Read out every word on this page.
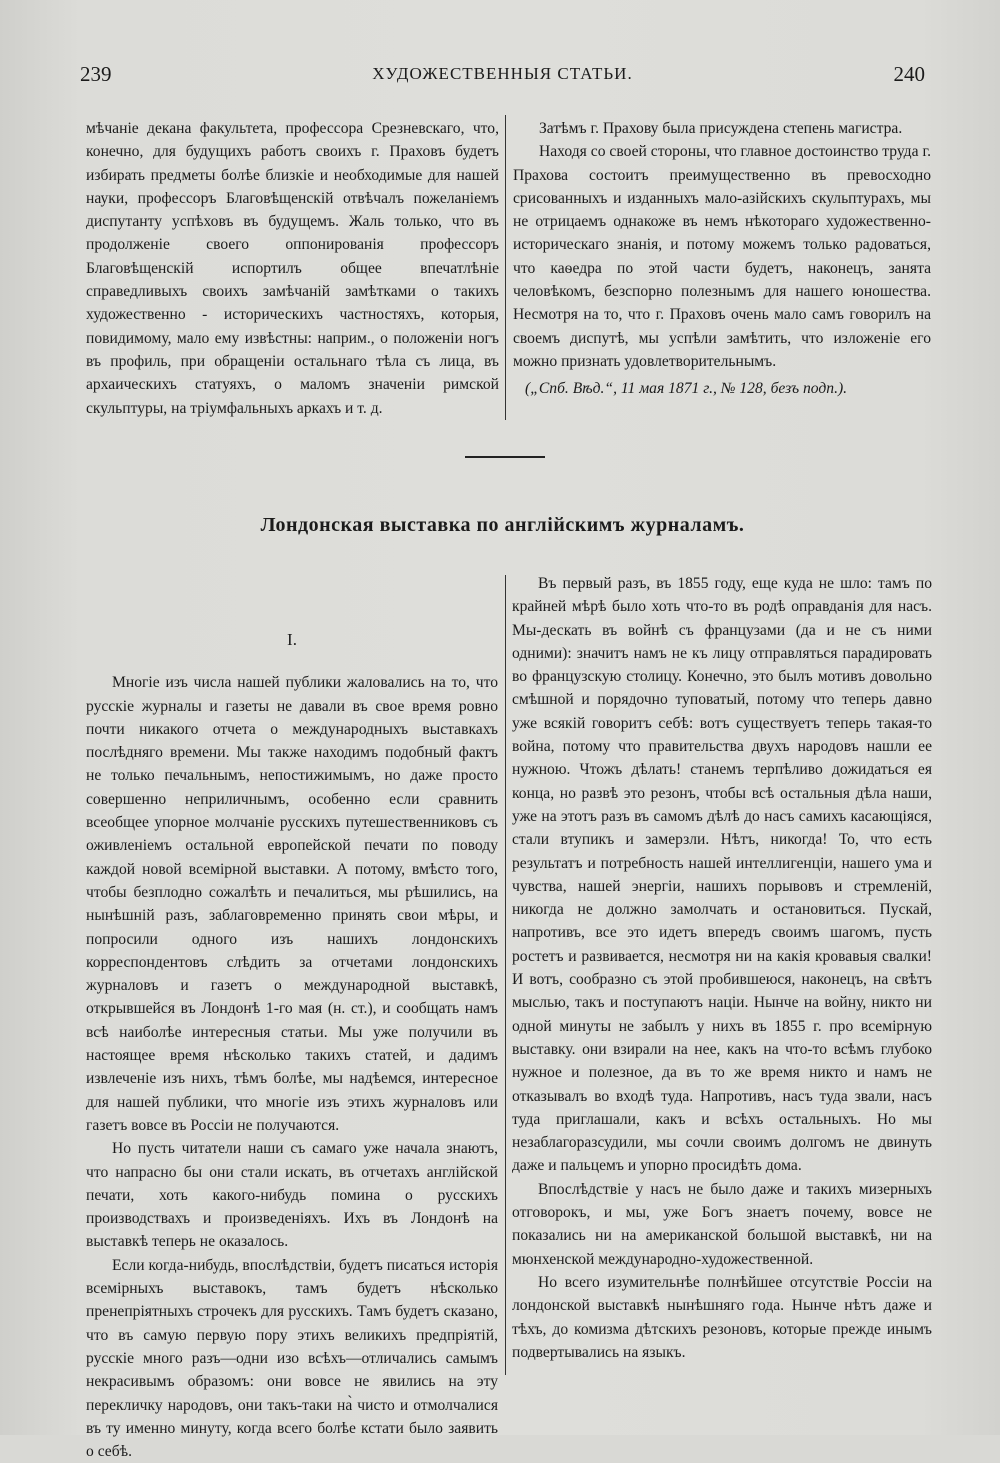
239	ХУДОЖЕСТВЕННЫЯ СТАТЬИ.	240

мѣчаніе декана факультета, профессора Срезневскаго, что, конечно, для будущихъ работъ своихъ г. Праховъ будетъ избирать предметы болѣе близкіе и необходимые для нашей науки, профессоръ Благовѣщенскій отвѣчалъ пожеланіемъ диспутанту успѣховъ въ будущемъ. Жаль только, что въ продолженіе своего оппонированія профессоръ Благовѣщенскій испортилъ общее впечатлѣніе справедливыхъ своихъ замѣчаній замѣтками о такихъ художественно - историческихъ частностяхъ, которыя, повидимому, мало ему извѣстны: наприм., о положеніи ногъ въ профиль, при обращеніи остальнаго тѣла съ лица, въ архаическихъ статуяхъ, о маломъ значеніи римской скульптуры, на тріумфальныхъ аркахъ и т. д.

Затѣмъ г. Прахову была присуждена степень магистра.

Находя со своей стороны, что главное достоинство труда г. Прахова состоитъ преимущественно въ превосходно срисованныхъ и изданныхъ мало-азійскихъ скульптурахъ, мы не отрицаемъ однакоже въ немъ нѣкотораго художественно-историческаго знанія, и потому можемъ только радоваться, что каѳедра по этой части будетъ, наконецъ, занята человѣкомъ, безспорно полезнымъ для нашего юношества. Несмотря на то, что г. Праховъ очень мало самъ говорилъ на своемъ диспутѣ, мы успѣли замѣтить, что изложеніе его можно признать удовлетворительнымъ.

(„Спб. Вѣд.“, 11 мая 1871 г., № 128, безъ подп.).

Лондонская выставка по англійскимъ журналамъ.

I.

Многіе изъ числа нашей публики жаловались на то, что русскіе журналы и газеты не давали въ свое время ровно почти никакого отчета о международныхъ выставкахъ послѣдняго времени. Мы также находимъ подобный фактъ не только печальнымъ, непостижимымъ, но даже просто совершенно неприличнымъ, особенно если сравнить всеобщее упорное молчаніе русскихъ путешественниковъ съ оживленіемъ остальной европейской печати по поводу каждой новой всемірной выставки. А потому, вмѣсто того, чтобы безплодно сожалѣть и печалиться, мы рѣшились, на нынѣшній разъ, заблаговременно принять свои мѣры, и попросили одного изъ нашихъ лондонскихъ корреспондентовъ слѣдить за отчетами лондонскихъ журналовъ и газетъ о международной выставкѣ, открывшейся въ Лондонѣ 1-го мая (н. ст.), и сообщать намъ всѣ наиболѣе интересныя статьи. Мы уже получили въ настоящее время нѣсколько такихъ статей, и дадимъ извлеченіе изъ нихъ, тѣмъ болѣе, мы надѣемся, интересное для нашей публики, что многіе изъ этихъ журналовъ или газетъ вовсе въ Россіи не получаются.

Но пусть читатели наши съ самаго уже начала знаютъ, что напрасно бы они стали искать, въ отчетахъ англійской печати, хоть какого-нибудь помина о русскихъ производствахъ и произведеніяхъ. Ихъ въ Лондонѣ на выставкѣ теперь не оказалось.

Если когда-нибудь, впослѣдствіи, будетъ писаться исторія всемірныхъ выставокъ, тамъ будетъ нѣсколько пренепріятныхъ строчекъ для русскихъ. Тамъ будетъ сказано, что въ самую первую пору этихъ великихъ предпріятій, русскіе много разъ—одни изо всѣхъ—отличались самымъ некрасивымъ образомъ: они вовсе не явились на эту перекличку народовъ, они такъ-таки на̀ чисто и отмолчалися въ ту именно минуту, когда всего болѣе кстати было заявить о себѣ.

Въ первый разъ, въ 1855 году, еще куда не шло: тамъ по крайней мѣрѣ было хоть что-то въ родѣ оправданія для насъ. Мы-дескать въ войнѣ съ французами (да и не съ ними одними): значитъ намъ не къ лицу отправляться парадировать во французскую столицу. Конечно, это былъ мотивъ довольно смѣшной и порядочно туповатый, потому что теперь давно уже всякій говоритъ себѣ: вотъ существуетъ теперь такая-то война, потому что правительства двухъ народовъ нашли ее нужною. Чтожъ дѣлать! станемъ терпѣливо дожидаться ея конца, но развѣ это резонъ, чтобы всѣ остальныя дѣла наши, уже на этотъ разъ въ самомъ дѣлѣ до насъ самихъ касающіяся, стали втупикъ и замерзли. Нѣтъ, никогда! То, что есть результатъ и потребность нашей интеллигенціи, нашего ума и чувства, нашей энергіи, нашихъ порывовъ и стремленій, никогда не должно замолчать и остановиться. Пускай, напротивъ, все это идетъ впередъ своимъ шагомъ, пусть ростетъ и развивается, несмотря ни на какія кровавыя свалки! И вотъ, сообразно съ этой пробившеюся, наконецъ, на свѣтъ мыслью, такъ и поступаютъ націи. Нынче на войну, никто ни одной минуты не забылъ у нихъ въ 1855 г. про всемірную выставку. они взирали на нее, какъ на что-то всѣмъ глубоко нужное и полезное, да въ то же время никто и намъ не отказывалъ во входѣ туда. Напротивъ, насъ туда звали, насъ туда приглашали, какъ и всѣхъ остальныхъ. Но мы незаблагоразсудили, мы сочли своимъ долгомъ не двинуть даже и пальцемъ и упорно просидѣть дома.

Впослѣдствіе у насъ не было даже и такихъ мизерныхъ отговорокъ, и мы, уже Богъ знаетъ почему, вовсе не показались ни на американской большой выставкѣ, ни на мюнхенской международно-художественной.

Но всего изумительнѣе полнѣйшее отсутствіе Россіи на лондонской выставкѣ нынѣшняго года. Нынче нѣтъ даже и тѣхъ, до комизма дѣтскихъ резоновъ, которые прежде инымъ подвертывались на языкъ.
